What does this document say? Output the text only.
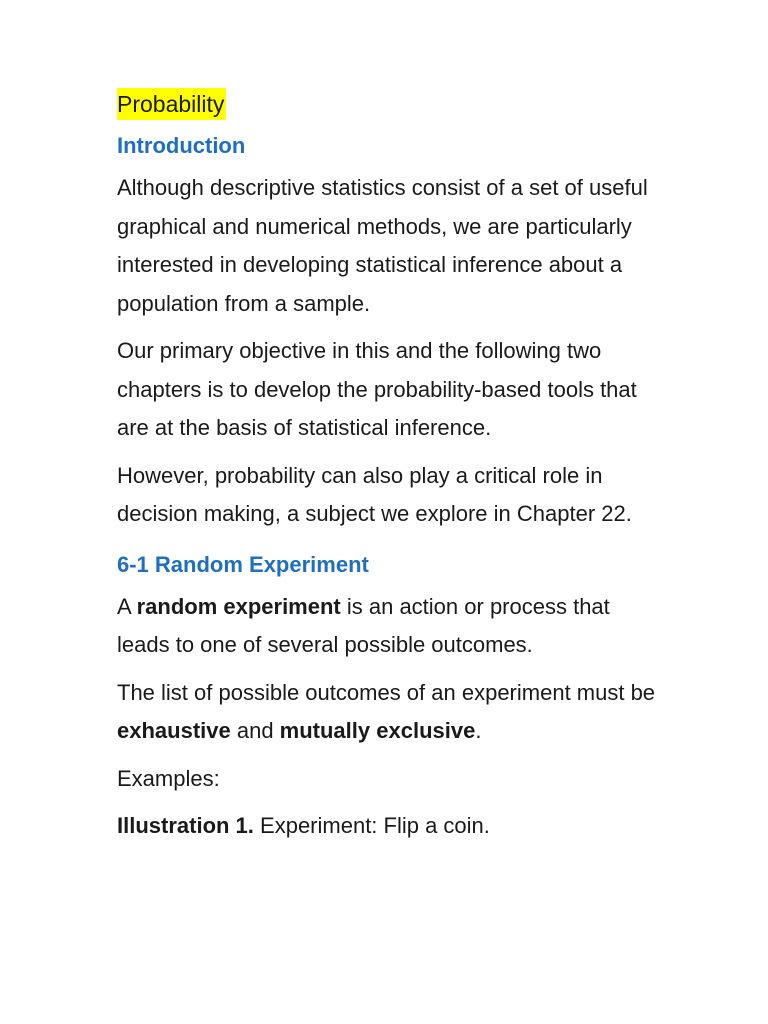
Probability
Introduction

Although descriptive statistics consist of a set of useful graphical and numerical methods, we are particularly interested in developing statistical inference about a population from a sample.

Our primary objective in this and the following two chapters is to develop the probability-based tools that are at the basis of statistical inference.

However, probability can also play a critical role in decision making, a subject we explore in Chapter 22.

6-1 Random Experiment

A random experiment is an action or process that leads to one of several possible outcomes.

The list of possible outcomes of an experiment must be exhaustive and mutually exclusive.

Examples:

Illustration 1. Experiment: Flip a coin.
